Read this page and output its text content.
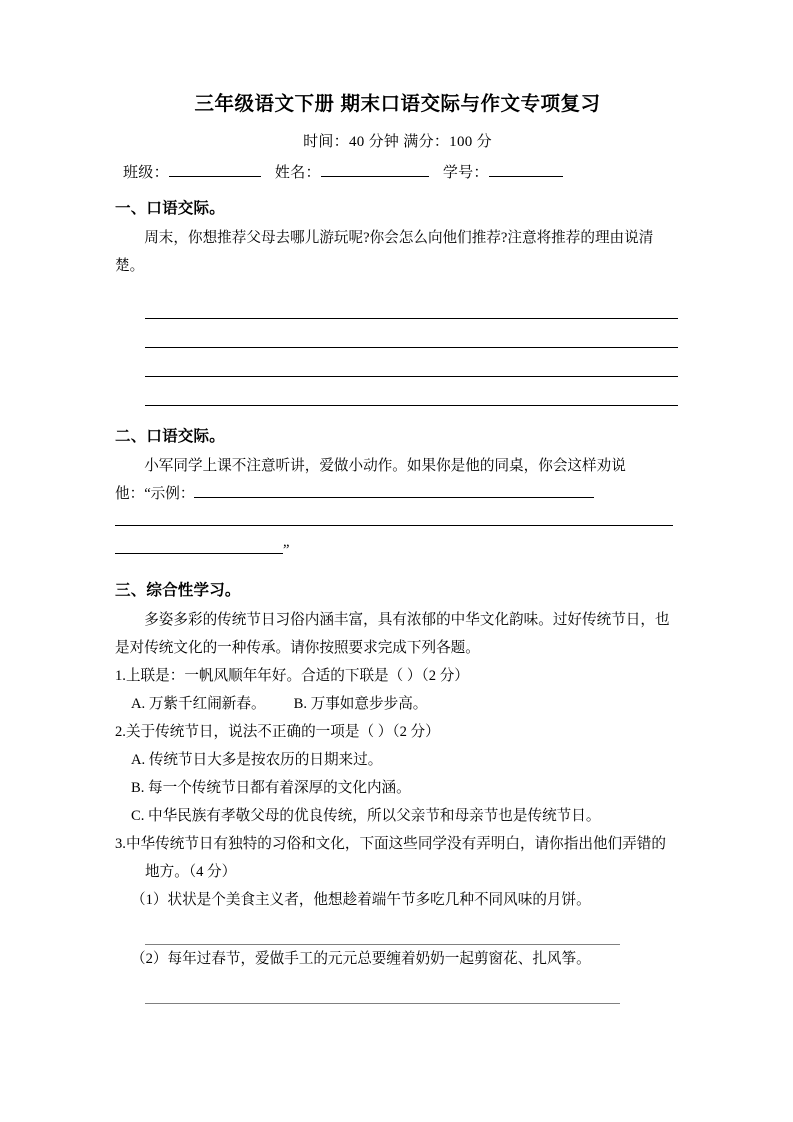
三年级语文下册 期末口语交际与作文专项复习
时间：40 分钟 满分：100 分
班级：	姓名：	学号：
一、口语交际。

周末，你想推荐父母去哪儿游玩呢?你会怎么向他们推荐?注意将推荐的理由说清楚。

二、口语交际。

小军同学上课不注意听讲，爱做小动作。如果你是他的同桌，你会这样劝说

他：“示例：

”

三、综合性学习。

多姿多彩的传统节日习俗内涵丰富，具有浓郁的中华文化韵味。过好传统节日，也是对传统文化的一种传承。请你按照要求完成下列各题。

1.上联是：一帆风顺年年好。合适的下联是（ ）（2 分）

A. 万紫千红闹新春。 B. 万事如意步步高。

2.关于传统节日，说法不正确的一项是（ ）（2 分）

A. 传统节日大多是按农历的日期来过。

B. 每一个传统节日都有着深厚的文化内涵。

C. 中华民族有孝敬父母的优良传统，所以父亲节和母亲节也是传统节日。

3.中华传统节日有独特的习俗和文化，下面这些同学没有弄明白，请你指出他们弄错的地方。（4 分）

（1）状状是个美食主义者，他想趁着端午节多吃几种不同风味的月饼。

（2）每年过春节，爱做手工的元元总要缠着奶奶一起剪窗花、扎风筝。
